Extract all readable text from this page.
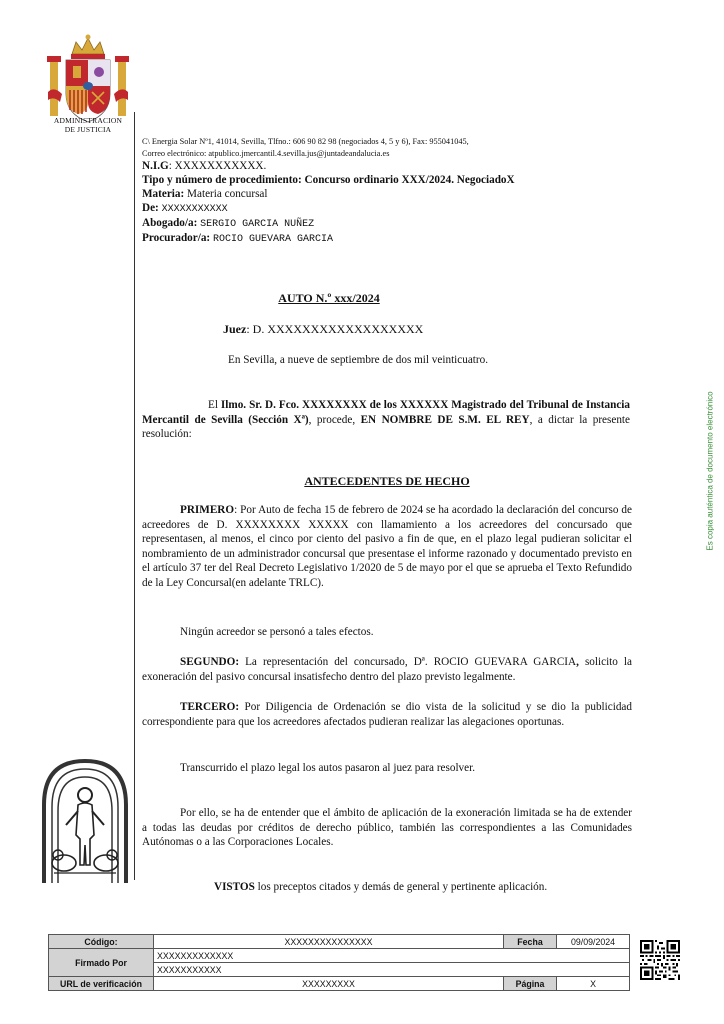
ADMINISTRACION
DE JUSTICIA
C\ Energia Solar Nº1, 41014, Sevilla, Tlfno.: 606 90 82 98 (negociados 4, 5 y 6), Fax: 955041045,
Correo electrónico: atpublico.jmercantil.4.sevilla.jus@juntadeandalucia.es
N.I.G: XXXXXXXXXXX.
Tipo y número de procedimiento: Concurso ordinario XXX/2024. NegociadoX
Materia: Materia concursal
De: XXXXXXXXXXX
Abogado/a: SERGIO GARCIA NUÑEZ
Procurador/a: ROCIO GUEVARA GARCIA
AUTO N.º xxx/2024
Juez: D. XXXXXXXXXXXXXXXXXX
En Sevilla, a nueve de septiembre de dos mil veinticuatro.
El Ilmo. Sr. D. Fco. XXXXXXXX de los XXXXXX Magistrado del Tribunal de Instancia Mercantil de Sevilla (Sección Xª), procede, EN NOMBRE DE S.M. EL REY, a dictar la presente resolución:
ANTECEDENTES DE HECHO
PRIMERO: Por Auto de fecha 15 de febrero de 2024 se ha acordado la declaración del concurso de acreedores de D. XXXXXXXX XXXXX con llamamiento a los acreedores del concursado que representasen, al menos, el cinco por ciento del pasivo a fin de que, en el plazo legal pudieran solicitar el nombramiento de un administrador concursal que presentase el informe razonado y documentado previsto en el artículo 37 ter del Real Decreto Legislativo 1/2020 de 5 de mayo por el que se aprueba el Texto Refundido de la Ley Concursal(en adelante TRLC).
Ningún acreedor se personó a tales efectos.
SEGUNDO: La representación del concursado, Dª. ROCIO GUEVARA GARCIA, solicito la exoneración del pasivo concursal insatisfecho dentro del plazo previsto legalmente.
TERCERO: Por Diligencia de Ordenación se dio vista de la solicitud y se dio la publicidad correspondiente para que los acreedores afectados pudieran realizar las alegaciones oportunas.
Transcurrido el plazo legal los autos pasaron al juez para resolver.
Por ello, se ha de entender que el ámbito de aplicación de la exoneración limitada se ha de extender a todas las deudas por créditos de derecho público, también las correspondientes a las Comunidades Autónomas o a las Corporaciones Locales.
VISTOS los preceptos citados y demás de general y pertinente aplicación.
Es copia auténtica de documento electrónico
Código:	XXXXXXXXXXXXXXX	Fecha	09/09/2024
Firmado Por	XXXXXXXXXXXXX		
	XXXXXXXXXXX		
URL de verificación	XXXXXXXXX	Página	X
